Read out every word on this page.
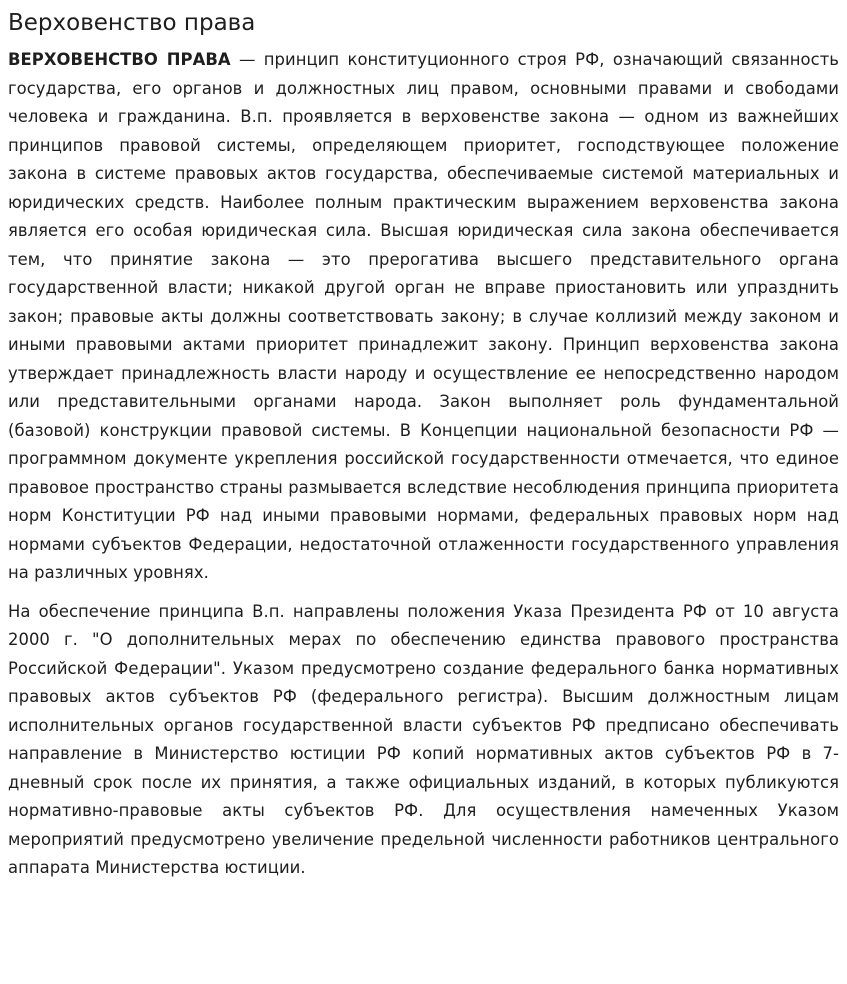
Верховенство права

ВЕРХОВЕНСТВО ПРАВА — принцип конституционного строя РФ, означающий связанность государства, его органов и должностных лиц правом, основными правами и свободами человека и гражданина. В.п. проявляется в верховенстве закона — одном из важнейших принципов правовой системы, определяющем приоритет, господствующее положение закона в системе правовых актов государства, обеспечиваемые системой материальных и юридических средств. Наиболее полным практическим выражением верховенства закона является его особая юридическая сила. Высшая юридическая сила закона обеспечивается тем, что принятие закона — это прерогатива высшего представительного органа государственной власти; никакой другой орган не вправе приостановить или упразднить закон; правовые акты должны соответствовать закону; в случае коллизий между законом и иными правовыми актами приоритет принадлежит закону. Принцип верховенства закона утверждает принадлежность власти народу и осуществление ее непосредственно народом или представительными органами народа. Закон выполняет роль фундаментальной (базовой) конструкции правовой системы. В Концепции национальной безопасности РФ — программном документе укрепления российской государственности отмечается, что единое правовое пространство страны размывается вследствие несоблюдения принципа приоритета норм Конституции РФ над иными правовыми нормами, федеральных правовых норм над нормами субъектов Федерации, недостаточной отлаженности государственного управления на различных уровнях.

На обеспечение принципа В.п. направлены положения Указа Президента РФ от 10 августа 2000 г. "О дополнительных мерах по обеспечению единства правового пространства Российской Федерации". Указом предусмотрено создание федерального банка нормативных правовых актов субъектов РФ (федерального регистра). Высшим должностным лицам исполнительных органов государственной власти субъектов РФ предписано обеспечивать направление в Министерство юстиции РФ копий нормативных актов субъектов РФ в 7-дневный срок после их принятия, а также официальных изданий, в которых публикуются нормативно-правовые акты субъектов РФ. Для осуществления намеченных Указом мероприятий предусмотрено увеличение предельной численности работников центрального аппарата Министерства юстиции.
